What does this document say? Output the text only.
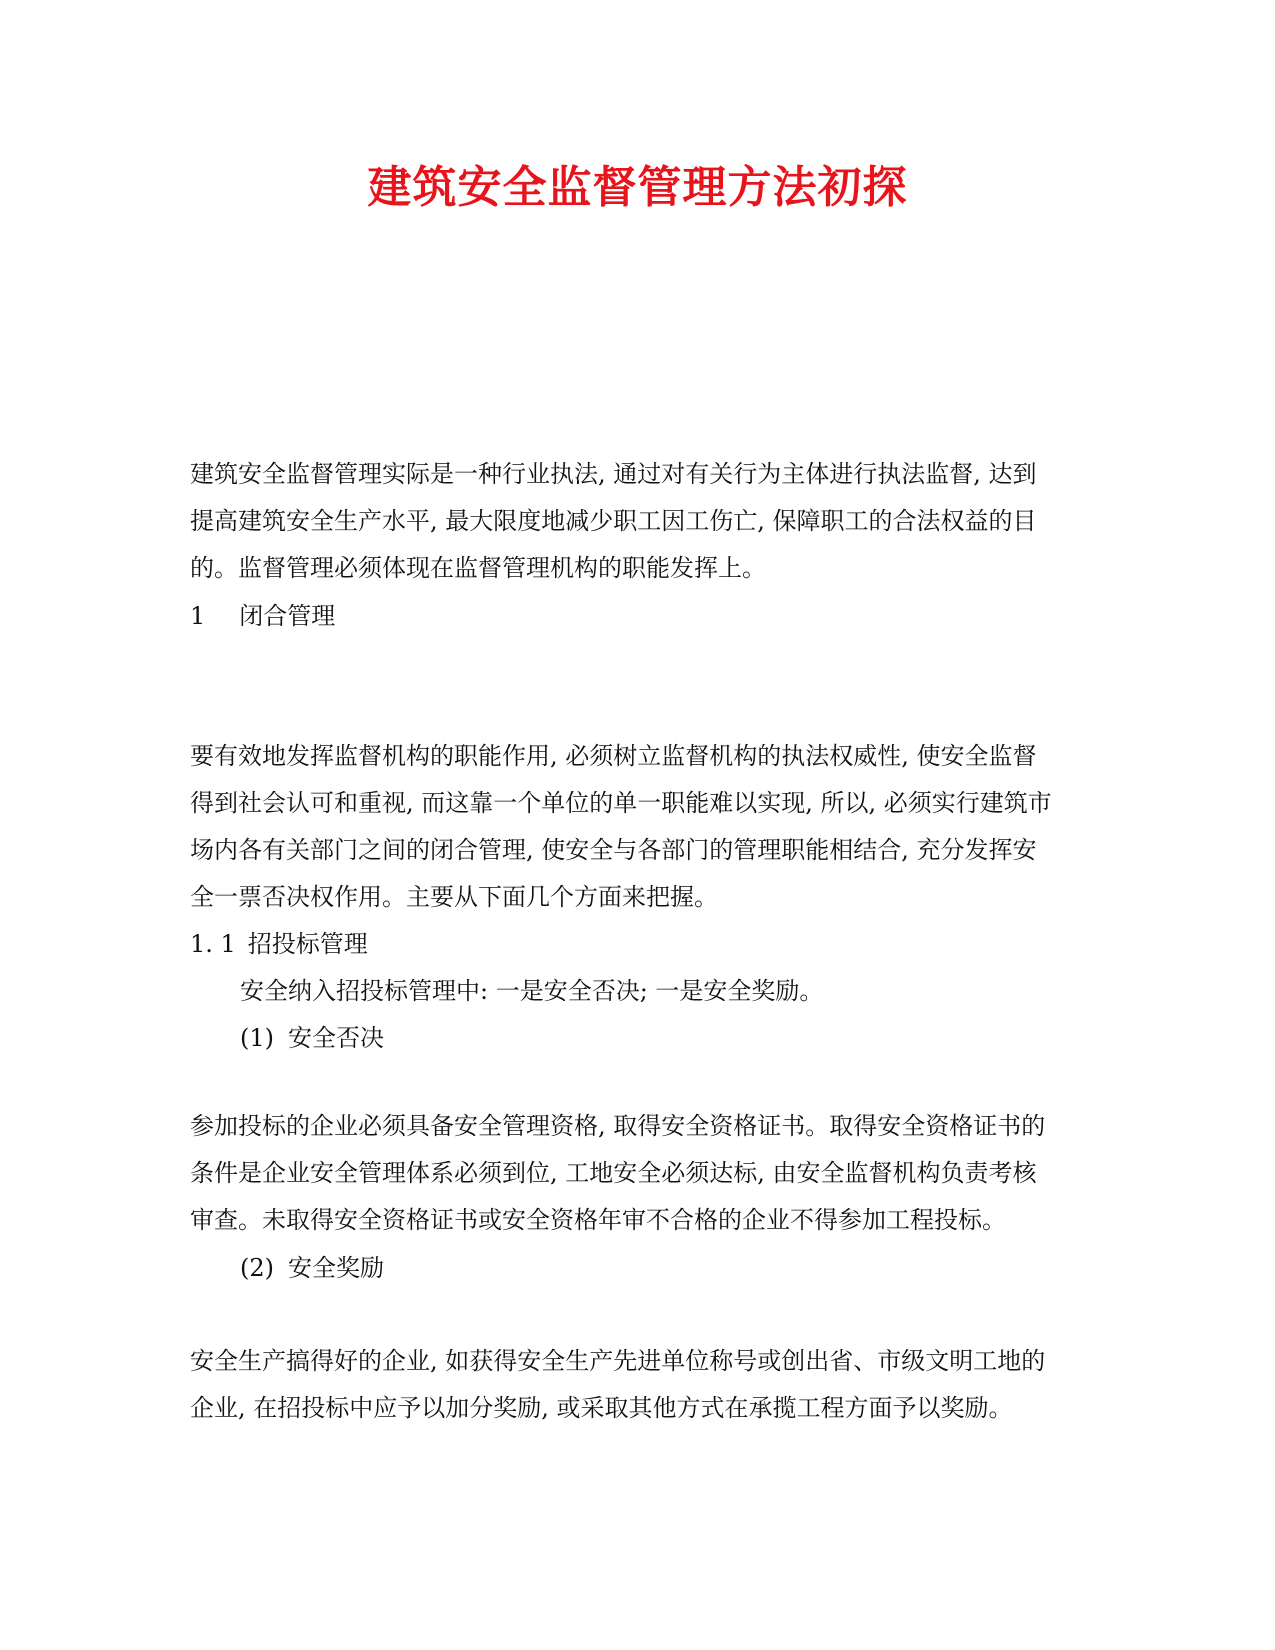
建筑安全监督管理方法初探
建筑安全监督管理实际是一种行业执法, 通过对有关行为主体进行执法监督, 达到
提高建筑安全生产水平, 最大限度地减少职工因工伤亡, 保障职工的合法权益的目
的。监督管理必须体现在监督管理机构的职能发挥上。
1 闭合管理
要有效地发挥监督机构的职能作用, 必须树立监督机构的执法权威性, 使安全监督
得到社会认可和重视, 而这靠一个单位的单一职能难以实现, 所以, 必须实行建筑市
场内各有关部门之间的闭合管理, 使安全与各部门的管理职能相结合, 充分发挥安
全一票否决权作用。主要从下面几个方面来把握。
1. 1 招投标管理
安全纳入招投标管理中: 一是安全否决; 一是安全奖励。
(1) 安全否决
参加投标的企业必须具备安全管理资格, 取得安全资格证书。取得安全资格证书的
条件是企业安全管理体系必须到位, 工地安全必须达标, 由安全监督机构负责考核
审查。未取得安全资格证书或安全资格年审不合格的企业不得参加工程投标。
(2) 安全奖励
安全生产搞得好的企业, 如获得安全生产先进单位称号或创出省、市级文明工地的
企业, 在招投标中应予以加分奖励, 或采取其他方式在承揽工程方面予以奖励。
